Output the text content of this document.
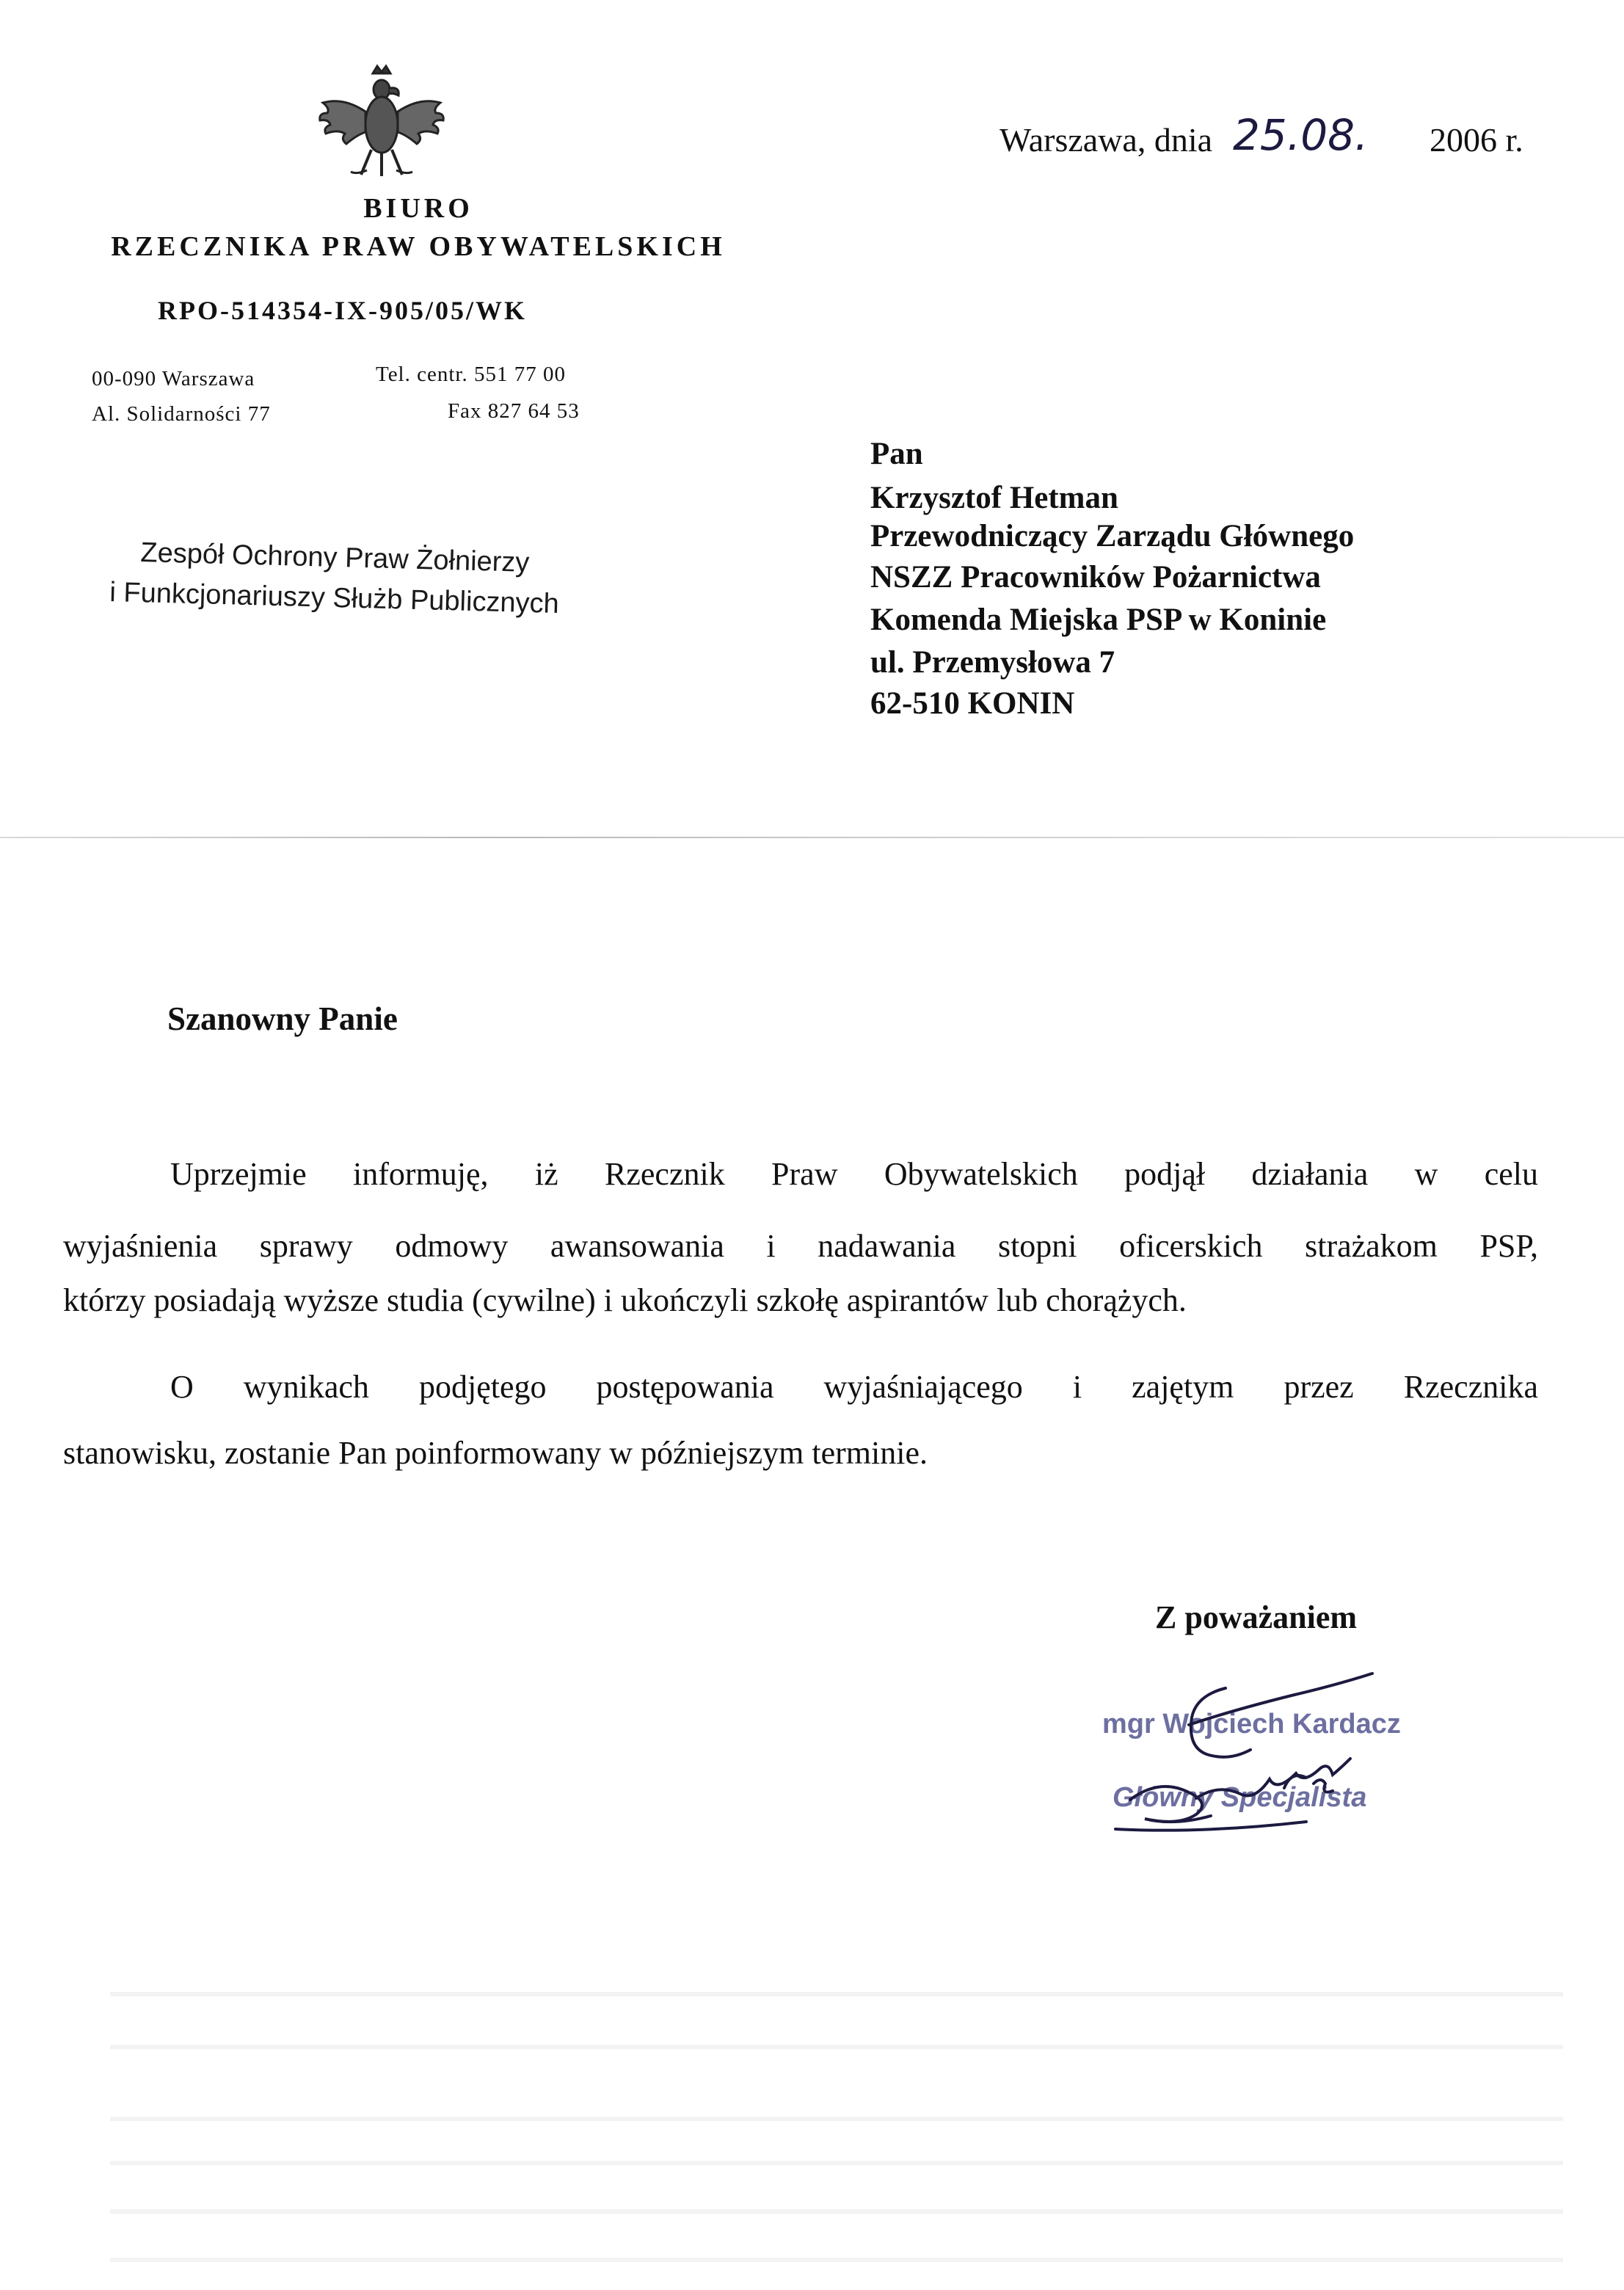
BIURO
RZECZNIKA PRAW OBYWATELSKICH
RPO-514354-IX-905/05/WK
00-090 Warszawa
Al. Solidarności 77
Tel. centr. 551 77 00
Fax 827 64 53
Zespół Ochrony Praw Żołnierzy
i Funkcjonariuszy Służb Publicznych
Warszawa, dnia 25.08. 2006 r.
Pan
Krzysztof Hetman
Przewodniczący Zarządu Głównego
NSZZ Pracowników Pożarnictwa
Komenda Miejska PSP w Koninie
ul. Przemysłowa 7
62-510 KONIN
Szanowny Panie
Uprzejmie informuję, iż Rzecznik Praw Obywatelskich podjął działania w celu
wyjaśnienia sprawy odmowy awansowania i nadawania stopni oficerskich strażakom PSP,
którzy posiadają wyższe studia (cywilne) i ukończyli szkołę aspirantów lub chorążych.
O wynikach podjętego postępowania wyjaśniającego i zajętym przez Rzecznika
stanowisku, zostanie Pan poinformowany w późniejszym terminie.
Z poważaniem
mgr Wojciech Kardacz
Główny Specjalista
